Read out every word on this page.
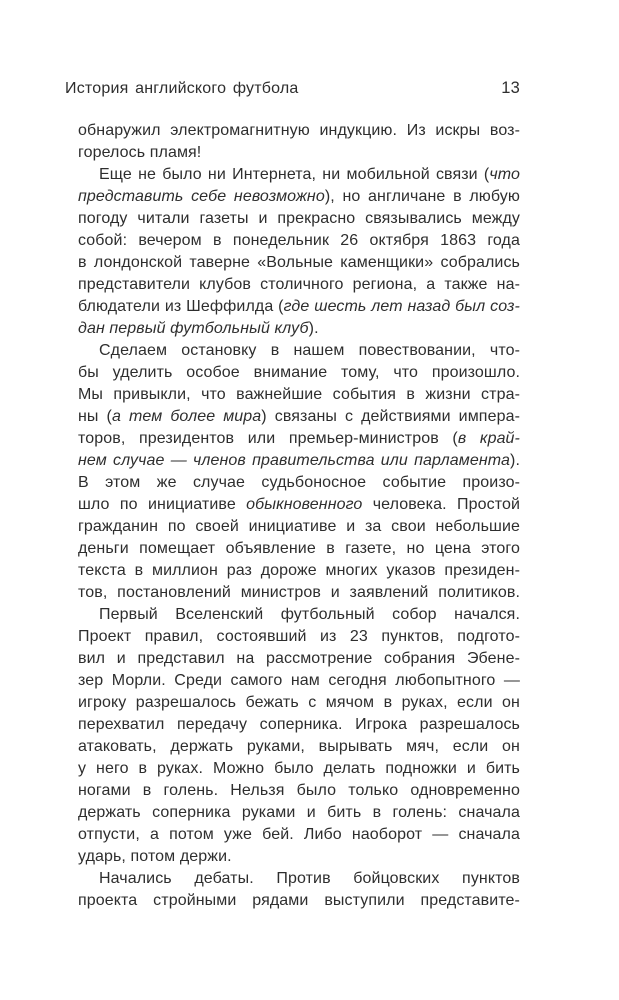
История английского футбола	13
обнаружил электромагнитную индукцию. Из искры воз-
горелось пламя!
Еще не было ни Интернета, ни мобильной связи (что
представить себе невозможно), но англичане в любую
погоду читали газеты и прекрасно связывались между
собой: вечером в понедельник 26 октября 1863 года
в лондонской таверне «Вольные каменщики» собрались
представители клубов столичного региона, а также на-
блюдатели из Шеффилда (где шесть лет назад был соз-
дан первый футбольный клуб).
Сделаем остановку в нашем повествовании, что-
бы уделить особое внимание тому, что произошло.
Мы привыкли, что важнейшие события в жизни стра-
ны (а тем более мира) связаны с действиями импера-
торов, президентов или премьер-министров (в край-
нем случае — членов правительства или парламента).
В этом же случае судьбоносное событие произо-
шло по инициативе обыкновенного человека. Простой
гражданин по своей инициативе и за свои небольшие
деньги помещает объявление в газете, но цена этого
текста в миллион раз дороже многих указов президен-
тов, постановлений министров и заявлений политиков.
Первый Вселенский футбольный собор начался.
Проект правил, состоявший из 23 пунктов, подгото-
вил и представил на рассмотрение собрания Эбене-
зер Морли. Среди самого нам сегодня любопытного —
игроку разрешалось бежать с мячом в руках, если он
перехватил передачу соперника. Игрока разрешалось
атаковать, держать руками, вырывать мяч, если он
у него в руках. Можно было делать подножки и бить
ногами в голень. Нельзя было только одновременно
держать соперника руками и бить в голень: сначала
отпусти, а потом уже бей. Либо наоборот — сначала
ударь, потом держи.
Начались дебаты. Против бойцовских пунктов
проекта стройными рядами выступили представите-
